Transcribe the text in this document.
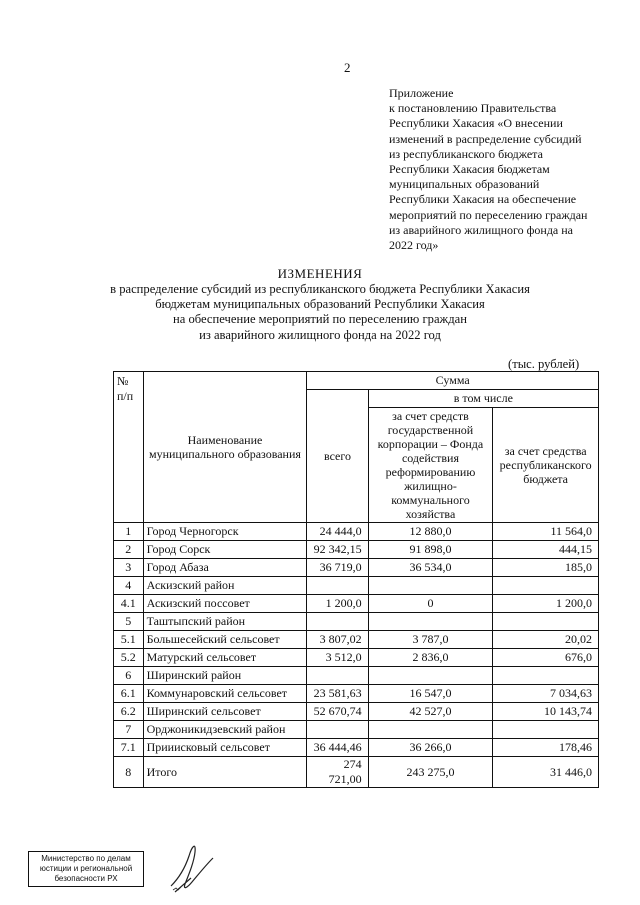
2
Приложение
к постановлению Правительства
Республики Хакасия «О внесении
изменений в распределение субсидий
из республиканского бюджета
Республики Хакасия бюджетам
муниципальных образований
Республики Хакасия на обеспечение
мероприятий по переселению граждан
из аварийного жилищного фонда на
2022 год»
ИЗМЕНЕНИЯ
в распределение субсидий из республиканского бюджета Республики Хакасия
бюджетам муниципальных образований Республики Хакасия
на обеспечение мероприятий по переселению граждан
из аварийного жилищного фонда на 2022 год
(тыс. рублей)
№ п/п	Наименование муниципального образования	Сумма		
		всего	в том числе	
			за счет средств государственной корпорации – Фонда содействия реформированию жилищно-коммунального хозяйства	за счет средства республиканского бюджета
1	Город Черногорск	24 444,0	12 880,0	11 564,0
2	Город Сорск	92 342,15	91 898,0	444,15
3	Город Абаза	36 719,0	36 534,0	185,0
4	Аскизский район			
4.1	Аскизский поссовет	1 200,0	0	1 200,0
5	Таштыпский район			
5.1	Большесейский сельсовет	3 807,02	3 787,0	20,02
5.2	Матурский сельсовет	3 512,0	2 836,0	676,0
6	Ширинский район			
6.1	Коммунаровский сельсовет	23 581,63	16 547,0	7 034,63
6.2	Ширинский сельсовет	52 670,74	42 527,0	10 143,74
7	Орджоникидзевский район			
7.1	Прииисковый сельсовет	36 444,46	36 266,0	178,46
8	Итого	274 721,00	243 275,0	31 446,0
Министерство по делам
юстиции и региональной
безопасности РХ
